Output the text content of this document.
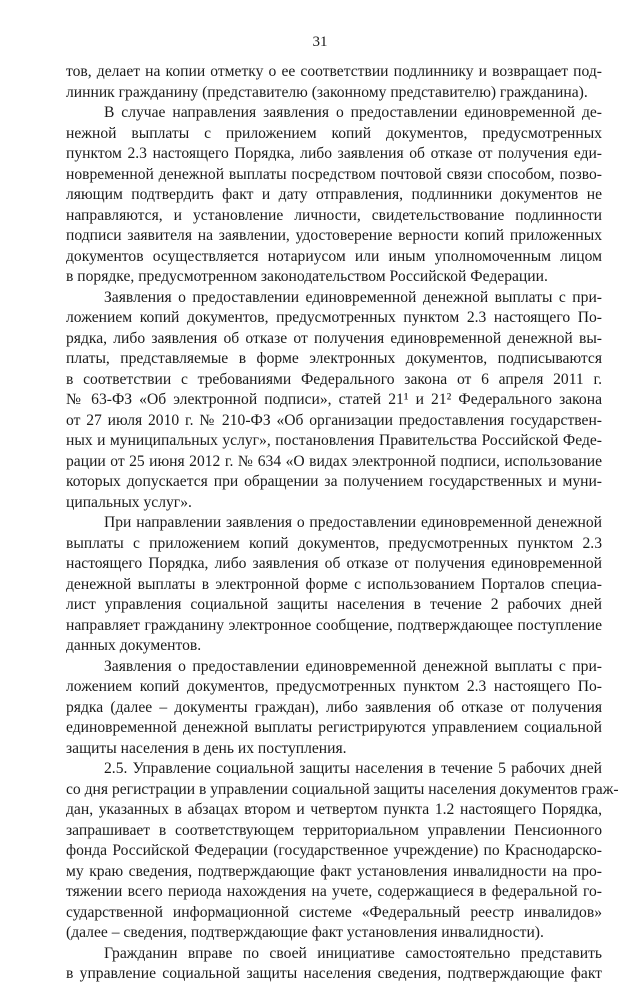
31

тов, делает на копии отметку о ее соответствии подлиннику и возвращает под-
линник гражданину (представителю (законному представителю) гражданина).

В случае направления заявления о предоставлении единовременной де-
нежной выплаты с приложением копий документов, предусмотренных
пунктом 2.3 настоящего Порядка, либо заявления об отказе от получения еди-
новременной денежной выплаты посредством почтовой связи способом, позво-
ляющим подтвердить факт и дату отправления, подлинники документов не
направляются, и установление личности, свидетельствование подлинности
подписи заявителя на заявлении, удостоверение верности копий приложенных
документов осуществляется нотариусом или иным уполномоченным лицом
в порядке, предусмотренном законодательством Российской Федерации.

Заявления о предоставлении единовременной денежной выплаты с при-
ложением копий документов, предусмотренных пунктом 2.3 настоящего По-
рядка, либо заявления об отказе от получения единовременной денежной вы-
платы, представляемые в форме электронных документов, подписываются
в соответствии с требованиями Федерального закона от 6 апреля 2011 г.
№ 63-ФЗ «Об электронной подписи», статей 21¹ и 21² Федерального закона
от 27 июля 2010 г. № 210-ФЗ «Об организации предоставления государствен-
ных и муниципальных услуг», постановления Правительства Российской Феде-
рации от 25 июня 2012 г. № 634 «О видах электронной подписи, использование
которых допускается при обращении за получением государственных и муни-
ципальных услуг».

При направлении заявления о предоставлении единовременной денежной
выплаты с приложением копий документов, предусмотренных пунктом 2.3
настоящего Порядка, либо заявления об отказе от получения единовременной
денежной выплаты в электронной форме с использованием Порталов специа-
лист управления социальной защиты населения в течение 2 рабочих дней
направляет гражданину электронное сообщение, подтверждающее поступление
данных документов.

Заявления о предоставлении единовременной денежной выплаты с при-
ложением копий документов, предусмотренных пунктом 2.3 настоящего По-
рядка (далее – документы граждан), либо заявления об отказе от получения
единовременной денежной выплаты регистрируются управлением социальной
защиты населения в день их поступления.

2.5. Управление социальной защиты населения в течение 5 рабочих дней
со дня регистрации в управлении социальной защиты населения документов граж-
дан, указанных в абзацах втором и четвертом пункта 1.2 настоящего Порядка,
запрашивает в соответствующем территориальном управлении Пенсионного
фонда Российской Федерации (государственное учреждение) по Краснодарско-
му краю сведения, подтверждающие факт установления инвалидности на про-
тяжении всего периода нахождения на учете, содержащиеся в федеральной го-
сударственной информационной системе «Федеральный реестр инвалидов»
(далее – сведения, подтверждающие факт установления инвалидности).

Гражданин вправе по своей инициативе самостоятельно представить
в управление социальной защиты населения сведения, подтверждающие факт
